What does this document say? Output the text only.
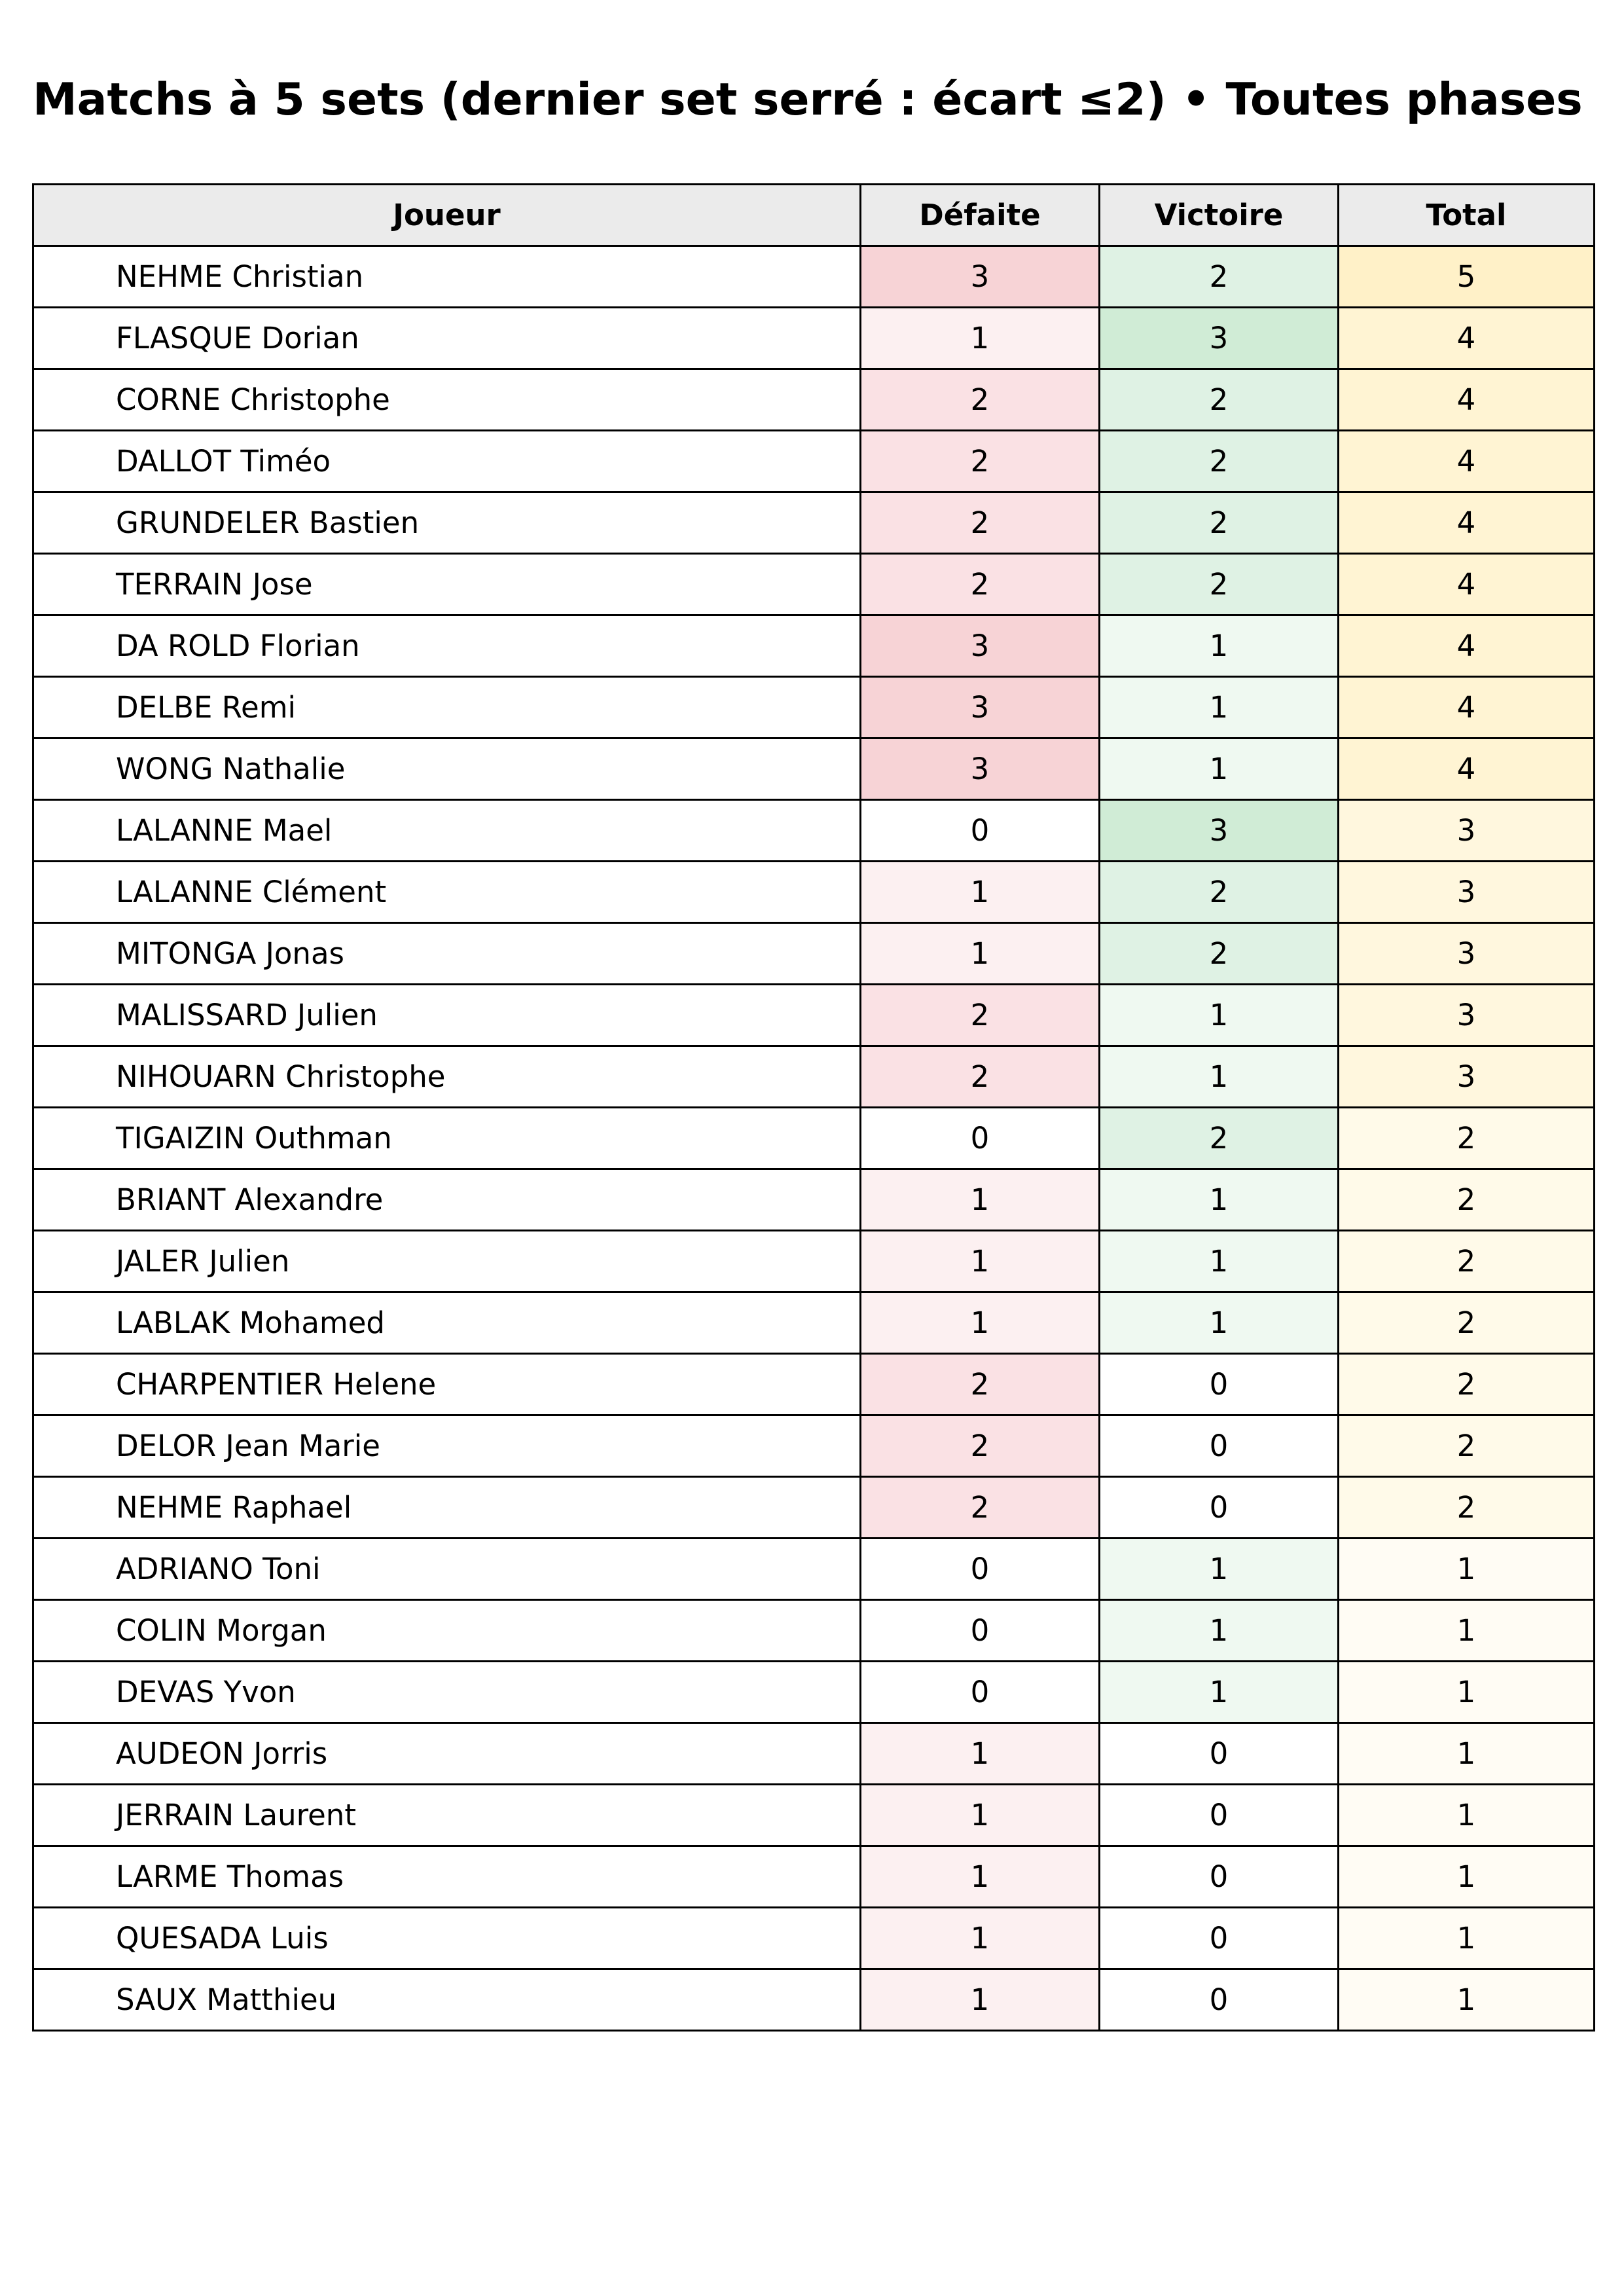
Matchs à 5 sets (dernier set serré : écart ≤2) • Toutes phases
Joueur	Défaite	Victoire	Total
NEHME Christian	3	2	5
FLASQUE Dorian	1	3	4
CORNE Christophe	2	2	4
DALLOT Timéo	2	2	4
GRUNDELER Bastien	2	2	4
TERRAIN Jose	2	2	4
DA ROLD Florian	3	1	4
DELBE Remi	3	1	4
WONG Nathalie	3	1	4
LALANNE Mael	0	3	3
LALANNE Clément	1	2	3
MITONGA Jonas	1	2	3
MALISSARD Julien	2	1	3
NIHOUARN Christophe	2	1	3
TIGAIZIN Outhman	0	2	2
BRIANT Alexandre	1	1	2
JALER Julien	1	1	2
LABLAK Mohamed	1	1	2
CHARPENTIER Helene	2	0	2
DELOR Jean Marie	2	0	2
NEHME Raphael	2	0	2
ADRIANO Toni	0	1	1
COLIN Morgan	0	1	1
DEVAS Yvon	0	1	1
AUDEON Jorris	1	0	1
JERRAIN Laurent	1	0	1
LARME Thomas	1	0	1
QUESADA Luis	1	0	1
SAUX Matthieu	1	0	1
